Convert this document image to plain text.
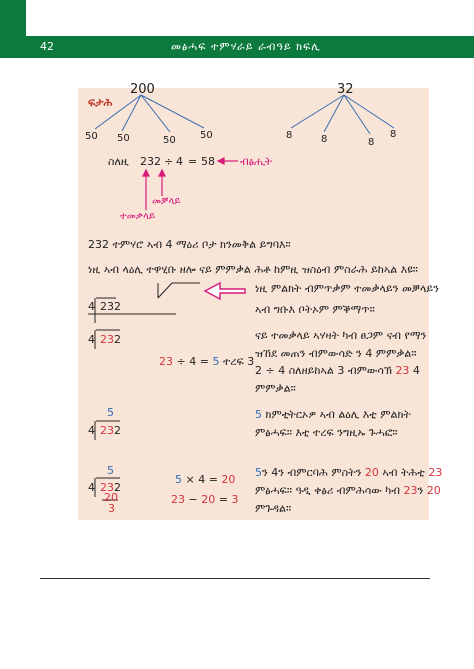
42	መፅሓፍ ተምሃራይ ራብዓይ ክፍሊ
ፍታሕ
200
50 50	50 50
32
8	8	8
8
ስለዚ 232 ÷ 4 = 58 ብፅሒት
መቓላይ
ተመቃላይ
232 ተምሃሮ ኣብ 4 ማዕሪ ቦታ ክንመቅል ይግባእ።
ነዚ ኣብ ላዕሊ ተዋሂቡ ዘሎ ናይ ምምቃል ሕቶ ከምዚ ዝስዕብ ምስራሕ ይከኣል እዩ።
4 232
ነዚ ምልክት ብምጥቃም ተመቃላይን መቓላይን
ኣብ ግቡእ ቦትኦም ምቕማጥ።
4 232
23 ÷ 4 = 5 ተረፍ 3
ናይ ተመቃላይ ኣሃዛት ካብ ፀጋም ናብ የማን
ዝኸደ መጠን ብምውሳድ ን 4 ምምቃል።
2 ÷ 4 ስለዘይከኣል 3 ብምውሳኽ 23 4
ምምቃል።
5
4 232
5 ክምቲትርኦዎ ኣብ ልዕሊ እቲ ምልክት
ምፅሓፍ። እቲ ተረፍ ንግዚኡ ጉሓፎ።
5
4 232
20
3
5 × 4 = 20
23 − 20 = 3
5ን 4ን ብምርባሕ ምስትን 20 ኣብ ትሕቲ 23
ምፅሓፍ። ዓዲ ቀፅሪ ብምሕሳው ካብ 23ን 20
ምጉዳል።
